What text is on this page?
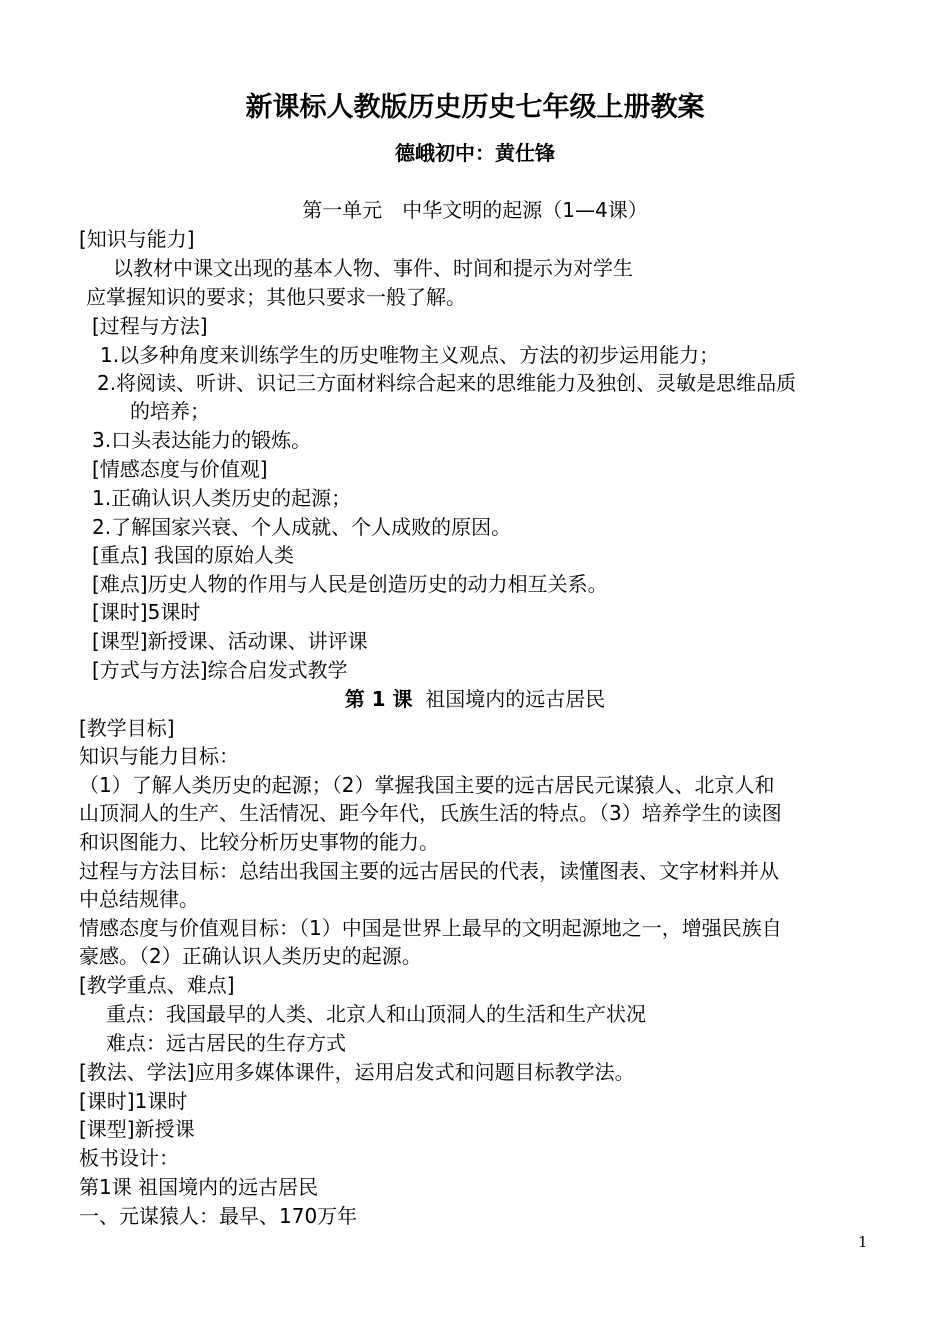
新课标人教版历史历史七年级上册教案
德峨初中：黄仕锋
第一单元　中华文明的起源（1—4课）
[知识与能力]
以教材中课文出现的基本人物、事件、时间和提示为对学生
应掌握知识的要求；其他只要求一般了解。
[过程与方法]
1.以多种角度来训练学生的历史唯物主义观点、方法的初步运用能力；
2.将阅读、听讲、识记三方面材料综合起来的思维能力及独创、灵敏是思维品质
的培养；
3.口头表达能力的锻炼。
[情感态度与价值观]
1.正确认识人类历史的起源；
2.了解国家兴衰、个人成就、个人成败的原因。
[重点] 我国的原始人类
[难点]历史人物的作用与人民是创造历史的动力相互关系。
[课时]5课时
[课型]新授课、活动课、讲评课
[方式与方法]综合启发式教学
第 1 课 祖国境内的远古居民
[教学目标]
知识与能力目标：
（1）了解人类历史的起源；（2）掌握我国主要的远古居民元谋猿人、北京人和
山顶洞人的生产、生活情况、距今年代，氏族生活的特点。（3）培养学生的读图
和识图能力、比较分析历史事物的能力。
过程与方法目标：总结出我国主要的远古居民的代表，读懂图表、文字材料并从
中总结规律。
情感态度与价值观目标：（1）中国是世界上最早的文明起源地之一，增强民族自
豪感。（2）正确认识人类历史的起源。
[教学重点、难点]
重点：我国最早的人类、北京人和山顶洞人的生活和生产状况
难点：远古居民的生存方式
[教法、学法]应用多媒体课件，运用启发式和问题目标教学法。
[课时]1课时
[课型]新授课
板书设计：
第1课 祖国境内的远古居民
一、元谋猿人：最早、170万年
1
